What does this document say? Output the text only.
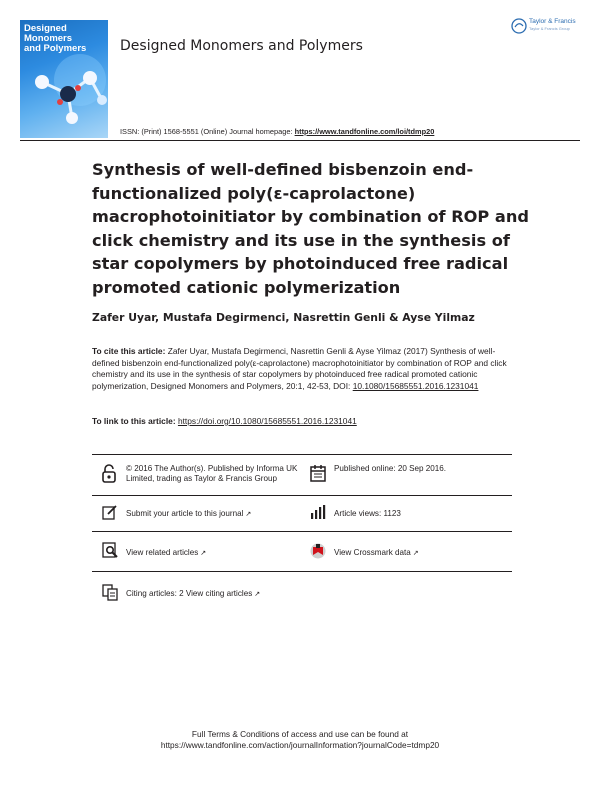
Designed
Monomers
and Polymers Designed Monomers and Polymers
Taylor & Francis
Taylor & Francis Group
ISSN: (Print) 1568-5551 (Online) Journal homepage: https://www.tandfonline.com/loi/tdmp20
Synthesis of well-defined bisbenzoin end-functionalized poly(ε-caprolactone) macrophotoinitiator by combination of ROP and click chemistry and its use in the synthesis of star copolymers by photoinduced free radical promoted cationic polymerization
Zafer Uyar, Mustafa Degirmenci, Nasrettin Genli & Ayse Yilmaz
To cite this article: Zafer Uyar, Mustafa Degirmenci, Nasrettin Genli & Ayse Yilmaz (2017) Synthesis of well-defined bisbenzoin end-functionalized poly(ε-caprolactone) macrophotoinitiator by combination of ROP and click chemistry and its use in the synthesis of star copolymers by photoinduced free radical promoted cationic polymerization, Designed Monomers and Polymers, 20:1, 42-53, DOI: 10.1080/15685551.2016.1231041
To link to this article: https://doi.org/10.1080/15685551.2016.1231041
© 2016 The Author(s). Published by Informa UK Limited, trading as Taylor & Francis Group
Published online: 20 Sep 2016.
Submit your article to this journal ↗	Article views: 1123
View related articles ↗	View Crossmark data ↗
Citing articles: 2 View citing articles ↗
Full Terms & Conditions of access and use can be found at
https://www.tandfonline.com/action/journalInformation?journalCode=tdmp20
